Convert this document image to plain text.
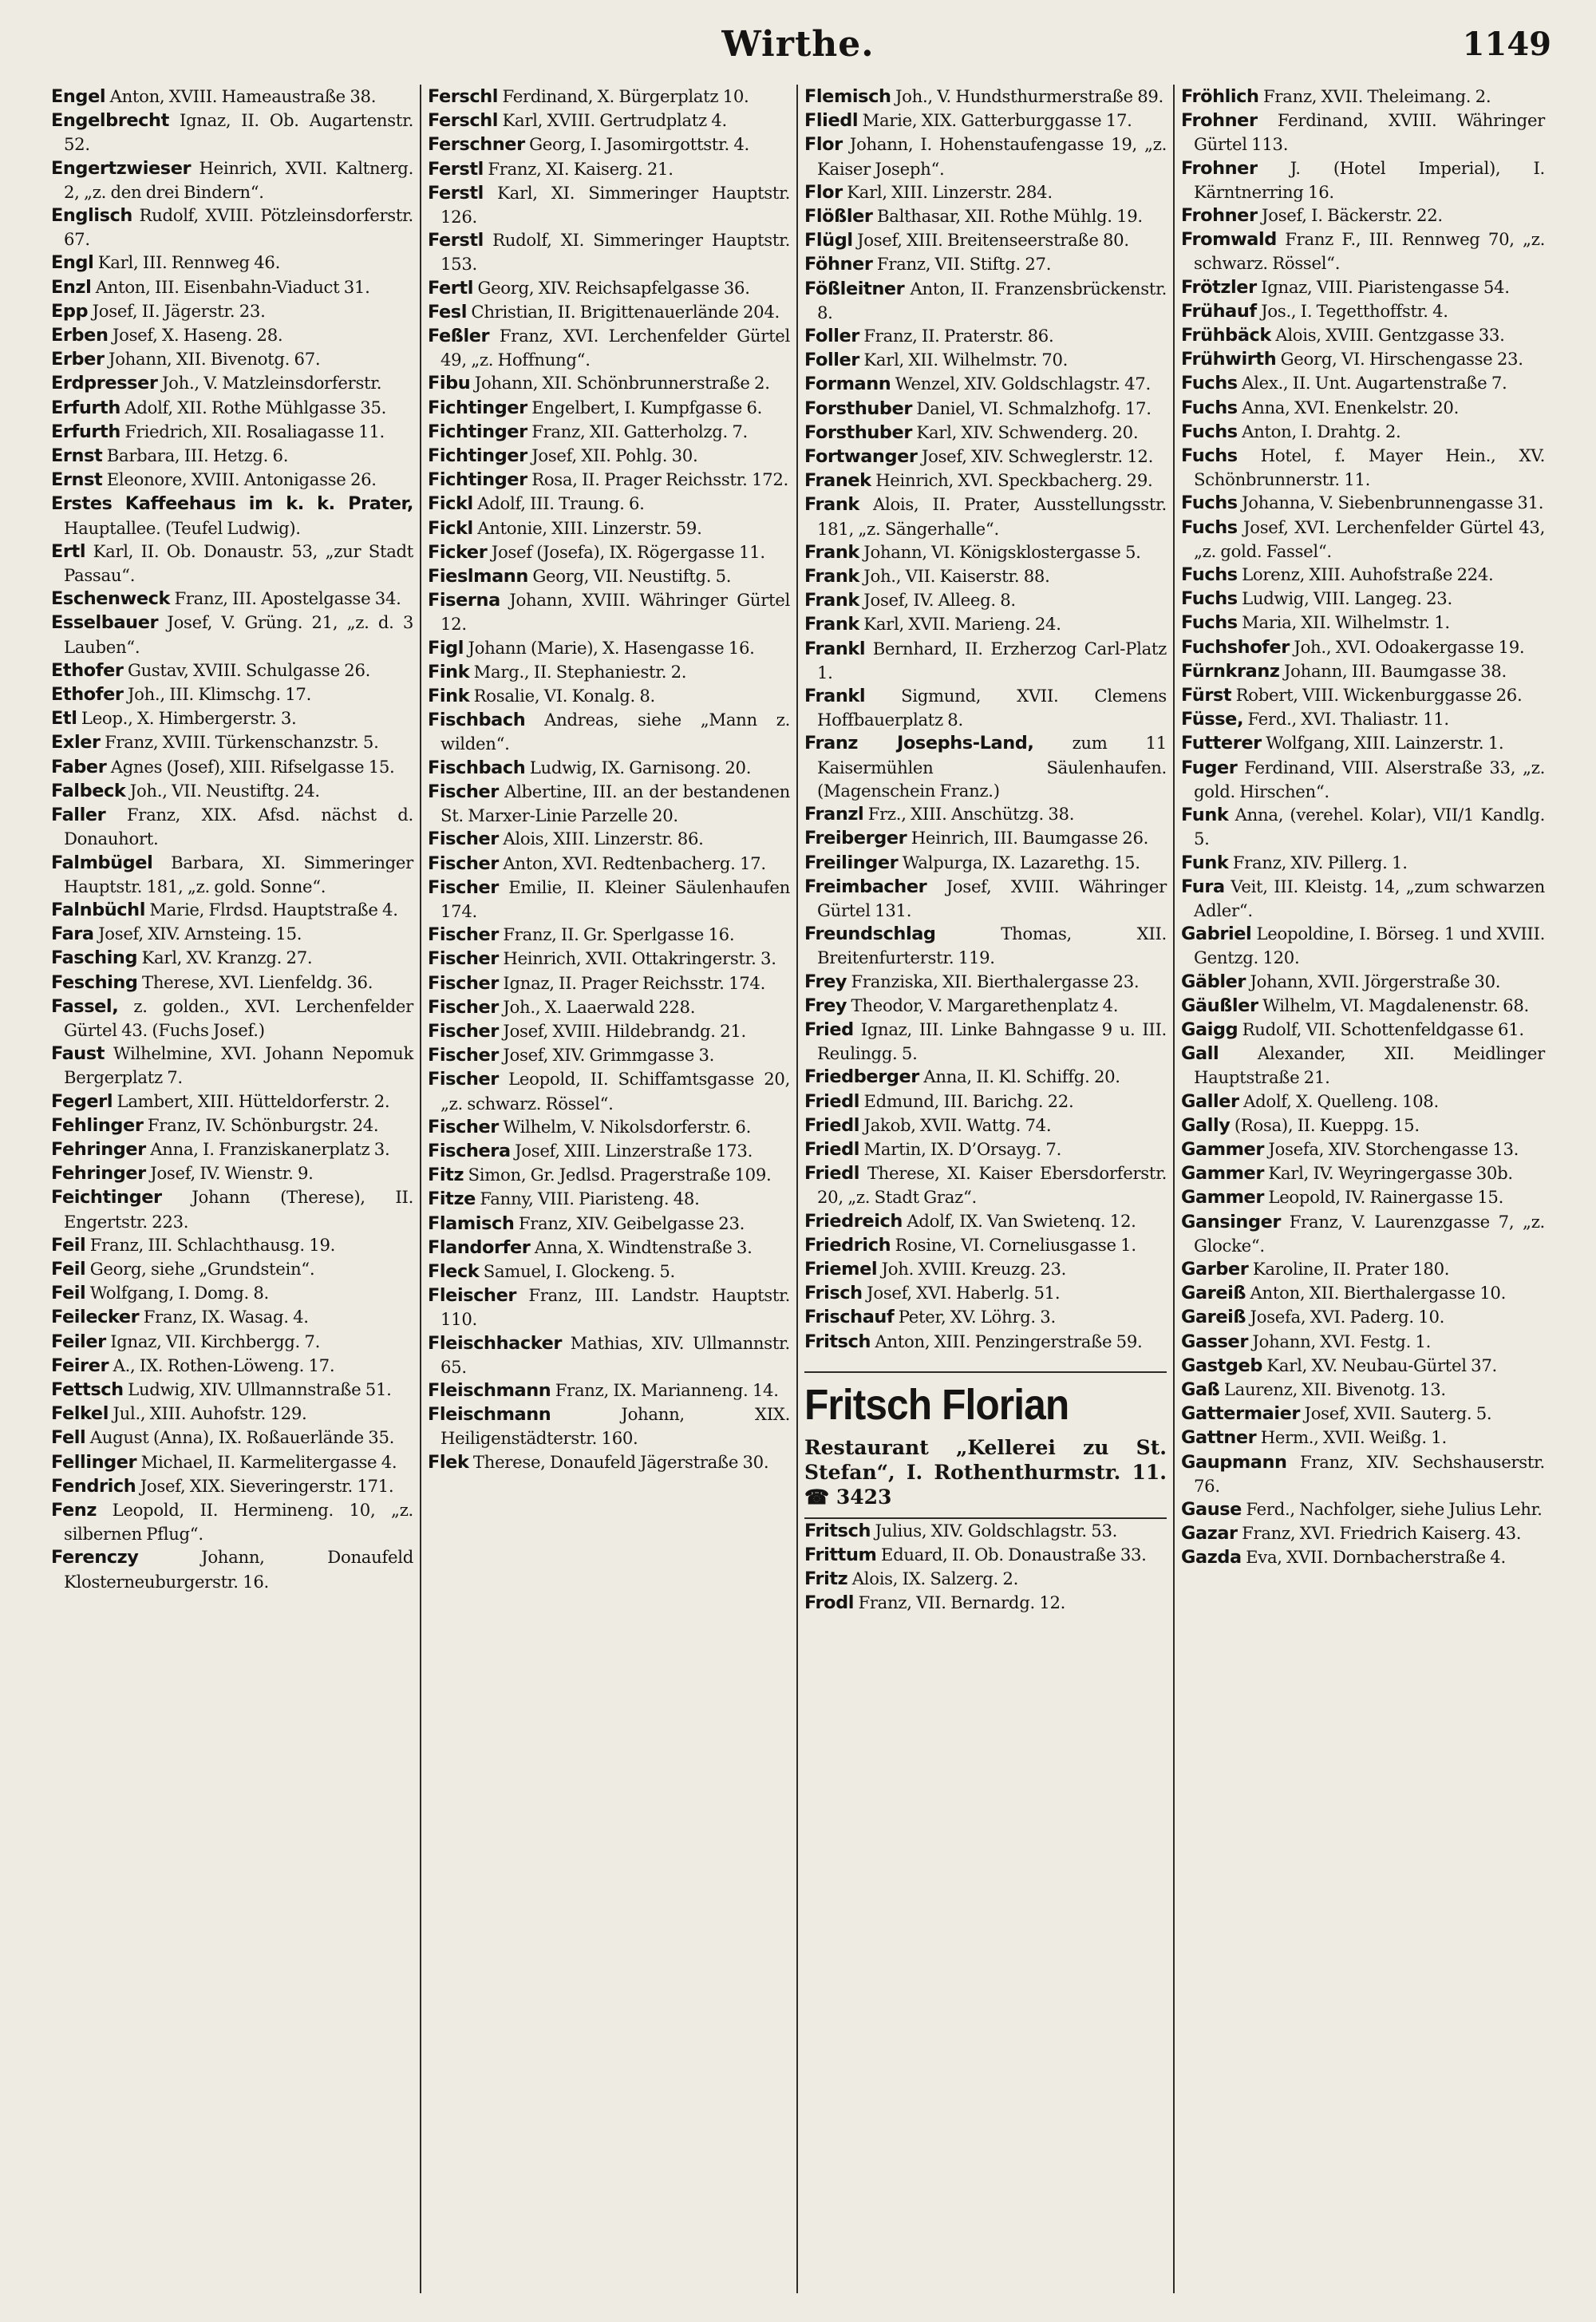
Wirthe.	1149

Engel Anton, XVIII. Hameaustraße 38.

Engelbrecht Ignaz, II. Ob. Augartenstr. 52.

Engertzwieser Heinrich, XVII. Kaltnerg. 2, „z. den drei Bindern“.

Englisch Rudolf, XVIII. Pötzleinsdorferstr. 67.

Engl Karl, III. Rennweg 46.

Enzl Anton, III. Eisenbahn-Viaduct 31.

Epp Josef, II. Jägerstr. 23.

Erben Josef, X. Haseng. 28.

Erber Johann, XII. Bivenotg. 67.

Erdpresser Joh., V. Matzleinsdorferstr.

Erfurth Adolf, XII. Rothe Mühlgasse 35.

Erfurth Friedrich, XII. Rosaliagasse 11.

Ernst Barbara, III. Hetzg. 6.

Ernst Eleonore, XVIII. Antonigasse 26.

Erstes Kaffeehaus im k. k. Prater, Hauptallee. (Teufel Ludwig).

Ertl Karl, II. Ob. Donaustr. 53, „zur Stadt Passau“.

Eschenweck Franz, III. Apostelgasse 34.

Esselbauer Josef, V. Grüng. 21, „z. d. 3 Lauben“.

Ethofer Gustav, XVIII. Schulgasse 26.

Ethofer Joh., III. Klimschg. 17.

Etl Leop., X. Himbergerstr. 3.

Exler Franz, XVIII. Türkenschanzstr. 5.

Faber Agnes (Josef), XIII. Rifselgasse 15.

Falbeck Joh., VII. Neustiftg. 24.

Faller Franz, XIX. Afsd. nächst d. Donauhort.

Falmbügel Barbara, XI. Simmeringer Hauptstr. 181, „z. gold. Sonne“.

Falnbüchl Marie, Flrdsd. Hauptstraße 4.

Fara Josef, XIV. Arnsteing. 15.

Fasching Karl, XV. Kranzg. 27.

Fesching Therese, XVI. Lienfeldg. 36.

Fassel, z. golden., XVI. Lerchenfelder Gürtel 43. (Fuchs Josef.)

Faust Wilhelmine, XVI. Johann Nepomuk Bergerplatz 7.

Fegerl Lambert, XIII. Hütteldorferstr. 2.

Fehlinger Franz, IV. Schönburgstr. 24.

Fehringer Anna, I. Franziskanerplatz 3.

Fehringer Josef, IV. Wienstr. 9.

Feichtinger Johann (Therese), II. Engertstr. 223.

Feil Franz, III. Schlachthausg. 19.

Feil Georg, siehe „Grundstein“.

Feil Wolfgang, I. Domg. 8.

Feilecker Franz, IX. Wasag. 4.

Feiler Ignaz, VII. Kirchbergg. 7.

Feirer A., IX. Rothen-Löweng. 17.

Fettsch Ludwig, XIV. Ullmannstraße 51.

Felkel Jul., XIII. Auhofstr. 129.

Fell August (Anna), IX. Roßauerlände 35.

Fellinger Michael, II. Karmelitergasse 4.

Fendrich Josef, XIX. Sieveringerstr. 171.

Fenz Leopold, II. Hermineng. 10, „z. silbernen Pflug“.

Ferenczy	Johann, Donaufeld Klosterneuburgerstr. 16.

Ferschl Ferdinand, X. Bürgerplatz 10.

Ferschl Karl, XVIII. Gertrudplatz 4.

Ferschner Georg, I. Jasomirgottstr. 4.

Ferstl Franz, XI. Kaiserg. 21.

Ferstl Karl, XI. Simmeringer Hauptstr. 126.

Ferstl Rudolf, XI. Simmeringer Hauptstr. 153.

Fertl Georg, XIV. Reichsapfelgasse 36.

Fesl Christian, II. Brigittenauerlände 204.

Feßler Franz, XVI. Lerchenfelder Gürtel 49, „z. Hoffnung“.

Fibu Johann, XII. Schönbrunnerstraße 2.

Fichtinger Engelbert, I. Kumpfgasse 6.

Fichtinger Franz, XII. Gatterholzg. 7.

Fichtinger Josef, XII. Pohlg. 30.

Fichtinger Rosa, II. Prager Reichsstr. 172.

Fickl Adolf, III. Traung. 6.

Fickl Antonie, XIII. Linzerstr. 59.

Ficker Josef (Josefa), IX. Rögergasse 11.

Fieslmann Georg, VII. Neustiftg. 5.

Fiserna Johann, XVIII. Währinger Gürtel 12.

Figl Johann (Marie), X. Hasengasse 16.

Fink Marg., II. Stephaniestr. 2.

Fink Rosalie, VI. Konalg. 8.

Fischbach Andreas, siehe „Mann z. wilden“.

Fischbach Ludwig, IX. Garnisong. 20.

Fischer Albertine, III. an der bestandenen St. Marxer-Linie Parzelle 20.

Fischer Alois, XIII. Linzerstr. 86.

Fischer Anton, XVI. Redtenbacherg. 17.

Fischer Emilie, II. Kleiner Säulenhaufen 174.

Fischer Franz, II. Gr. Sperlgasse 16.

Fischer Heinrich, XVII. Ottakringerstr. 3.

Fischer Ignaz, II. Prager Reichsstr. 174.

Fischer Joh., X. Laaerwald 228.

Fischer Josef, XVIII. Hildebrandg. 21.

Fischer Josef, XIV. Grimmgasse 3.

Fischer Leopold, II. Schiffamtsgasse 20, „z. schwarz. Rössel“.

Fischer Wilhelm, V. Nikolsdorferstr. 6.

Fischera Josef, XIII. Linzerstraße 173.

Fitz Simon, Gr. Jedlsd. Pragerstraße 109.

Fitze Fanny, VIII. Piaristeng. 48.

Flamisch Franz, XIV. Geibelgasse 23.

Flandorfer Anna, X. Windtenstraße 3.

Fleck Samuel, I. Glockeng. 5.

Fleischer Franz, III. Landstr. Hauptstr. 110.

Fleischhacker Mathias, XIV. Ullmannstr. 65.

Fleischmann Franz, IX. Marianneng. 14.

Fleischmann	Johann, XIX. Heiligenstädterstr. 160.

Flek Therese, Donaufeld Jägerstraße 30.

Flemisch Joh., V. Hundsthurmerstraße 89.

Fliedl Marie, XIX. Gatterburggasse 17.

Flor Johann, I. Hohenstaufengasse 19, „z. Kaiser Joseph“.

Flor Karl, XIII. Linzerstr. 284.

Flößler Balthasar, XII. Rothe Mühlg. 19.

Flügl Josef, XIII. Breitenseerstraße 80.

Föhner Franz, VII. Stiftg. 27.

Fößleitner Anton, II. Franzensbrückenstr. 8.

Foller Franz, II. Praterstr. 86.

Foller Karl, XII. Wilhelmstr. 70.

Formann Wenzel, XIV. Goldschlagstr. 47.

Forsthuber Daniel, VI. Schmalzhofg. 17.

Forsthuber Karl, XIV. Schwenderg. 20.

Fortwanger Josef, XIV. Schweglerstr. 12.

Franek Heinrich, XVI. Speckbacherg. 29.

Frank Alois, II. Prater, Ausstellungsstr. 181, „z. Sängerhalle“.

Frank Johann, VI. Königsklostergasse 5.

Frank Joh., VII. Kaiserstr. 88.

Frank Josef, IV. Alleeg. 8.

Frank Karl, XVII. Marieng. 24.

Frankl Bernhard, II. Erzherzog Carl-Platz 1.

Frankl Sigmund, XVII. Clemens Hoffbauerplatz 8.

Franz Josephs-Land, zum 11 Kaisermühlen Säulenhaufen. (Magenschein Franz.)

Franzl Frz., XIII. Anschützg. 38.

Freiberger Heinrich, III. Baumgasse 26.

Freilinger Walpurga, IX. Lazarethg. 15.

Freimbacher Josef, XVIII. Währinger Gürtel 131.

Freundschlag	Thomas, XII. Breitenfurterstr. 119.

Frey Franziska, XII. Bierthalergasse 23.

Frey Theodor, V. Margarethenplatz 4.

Fried Ignaz, III. Linke Bahngasse 9 u. III. Reulingg. 5.

Friedberger Anna, II. Kl. Schiffg. 20.

Friedl Edmund, III. Barichg. 22.

Friedl Jakob, XVII. Wattg. 74.

Friedl Martin, IX. D’Orsayg. 7.

Friedl Therese, XI. Kaiser Ebersdorferstr. 20, „z. Stadt Graz“.

Friedreich Adolf, IX. Van Swietenq. 12.

Friedrich Rosine, VI. Corneliusgasse 1.

Friemel Joh. XVIII. Kreuzg. 23.

Frisch Josef, XVI. Haberlg. 51.

Frischauf Peter, XV. Löhrg. 3.

Fritsch Anton, XIII. Penzingerstraße 59.

Fritsch Florian
Restaurant „Kellerei zu St. Stefan“, I. Rothenthurmstr. 11. ☎ 3423

Fritsch Julius, XIV. Goldschlagstr. 53.

Frittum Eduard, II. Ob. Donaustraße 33.

Fritz Alois, IX. Salzerg. 2.

Frodl Franz, VII. Bernardg. 12.

Fröhlich Franz, XVII. Theleimang. 2.

Frohner Ferdinand, XVIII. Währinger Gürtel 113.

Frohner J. (Hotel Imperial), I. Kärntnerring 16.

Frohner Josef, I. Bäckerstr. 22.

Fromwald Franz F., III. Rennweg 70, „z. schwarz. Rössel“.

Frötzler Ignaz, VIII. Piaristengasse 54.

Frühauf Jos., I. Tegetthoffstr. 4.

Frühbäck Alois, XVIII. Gentzgasse 33.

Frühwirth Georg, VI. Hirschengasse 23.

Fuchs Alex., II. Unt. Augartenstraße 7.

Fuchs Anna, XVI. Enenkelstr. 20.

Fuchs Anton, I. Drahtg. 2.

Fuchs Hotel, f. Mayer Hein., XV. Schönbrunnerstr. 11.

Fuchs Johanna, V. Siebenbrunnengasse 31.

Fuchs Josef, XVI. Lerchenfelder Gürtel 43, „z. gold. Fassel“.

Fuchs Lorenz, XIII. Auhofstraße 224.

Fuchs Ludwig, VIII. Langeg. 23.

Fuchs Maria, XII. Wilhelmstr. 1.

Fuchshofer Joh., XVI. Odoakergasse 19.

Fürnkranz Johann, III. Baumgasse 38.

Fürst Robert, VIII. Wickenburggasse 26.

Füsse, Ferd., XVI. Thaliastr. 11.

Futterer Wolfgang, XIII. Lainzerstr. 1.

Fuger Ferdinand, VIII. Alserstraße 33, „z. gold. Hirschen“.

Funk Anna, (verehel. Kolar), VII/1 Kandlg. 5.

Funk Franz, XIV. Pillerg. 1.

Fura Veit, III. Kleistg. 14, „zum schwarzen Adler“.

Gabriel Leopoldine, I. Börseg. 1 und XVIII. Gentzg. 120.

Gäbler Johann, XVII. Jörgerstraße 30.

Gäußler Wilhelm, VI. Magdalenenstr. 68.

Gaigg Rudolf, VII. Schottenfeldgasse 61.

Gall Alexander, XII. Meidlinger Hauptstraße 21.

Galler Adolf, X. Quelleng. 108.

Gally (Rosa), II. Kueppg. 15.

Gammer Josefa, XIV. Storchengasse 13.

Gammer Karl, IV. Weyringergasse 30b.

Gammer Leopold, IV. Rainergasse 15.

Gansinger Franz, V. Laurenzgasse 7, „z. Glocke“.

Garber Karoline, II. Prater 180.

Gareiß Anton, XII. Bierthalergasse 10.

Gareiß Josefa, XVI. Paderg. 10.

Gasser Johann, XVI. Festg. 1.

Gastgeb Karl, XV. Neubau-Gürtel 37.

Gaß Laurenz, XII. Bivenotg. 13.

Gattermaier Josef, XVII. Sauterg. 5.

Gattner Herm., XVII. Weißg. 1.

Gaupmann Franz, XIV. Sechshauserstr. 76.

Gause Ferd., Nachfolger, siehe Julius Lehr.

Gazar Franz, XVI. Friedrich Kaiserg. 43.

Gazda Eva, XVII. Dornbacherstraße 4.
